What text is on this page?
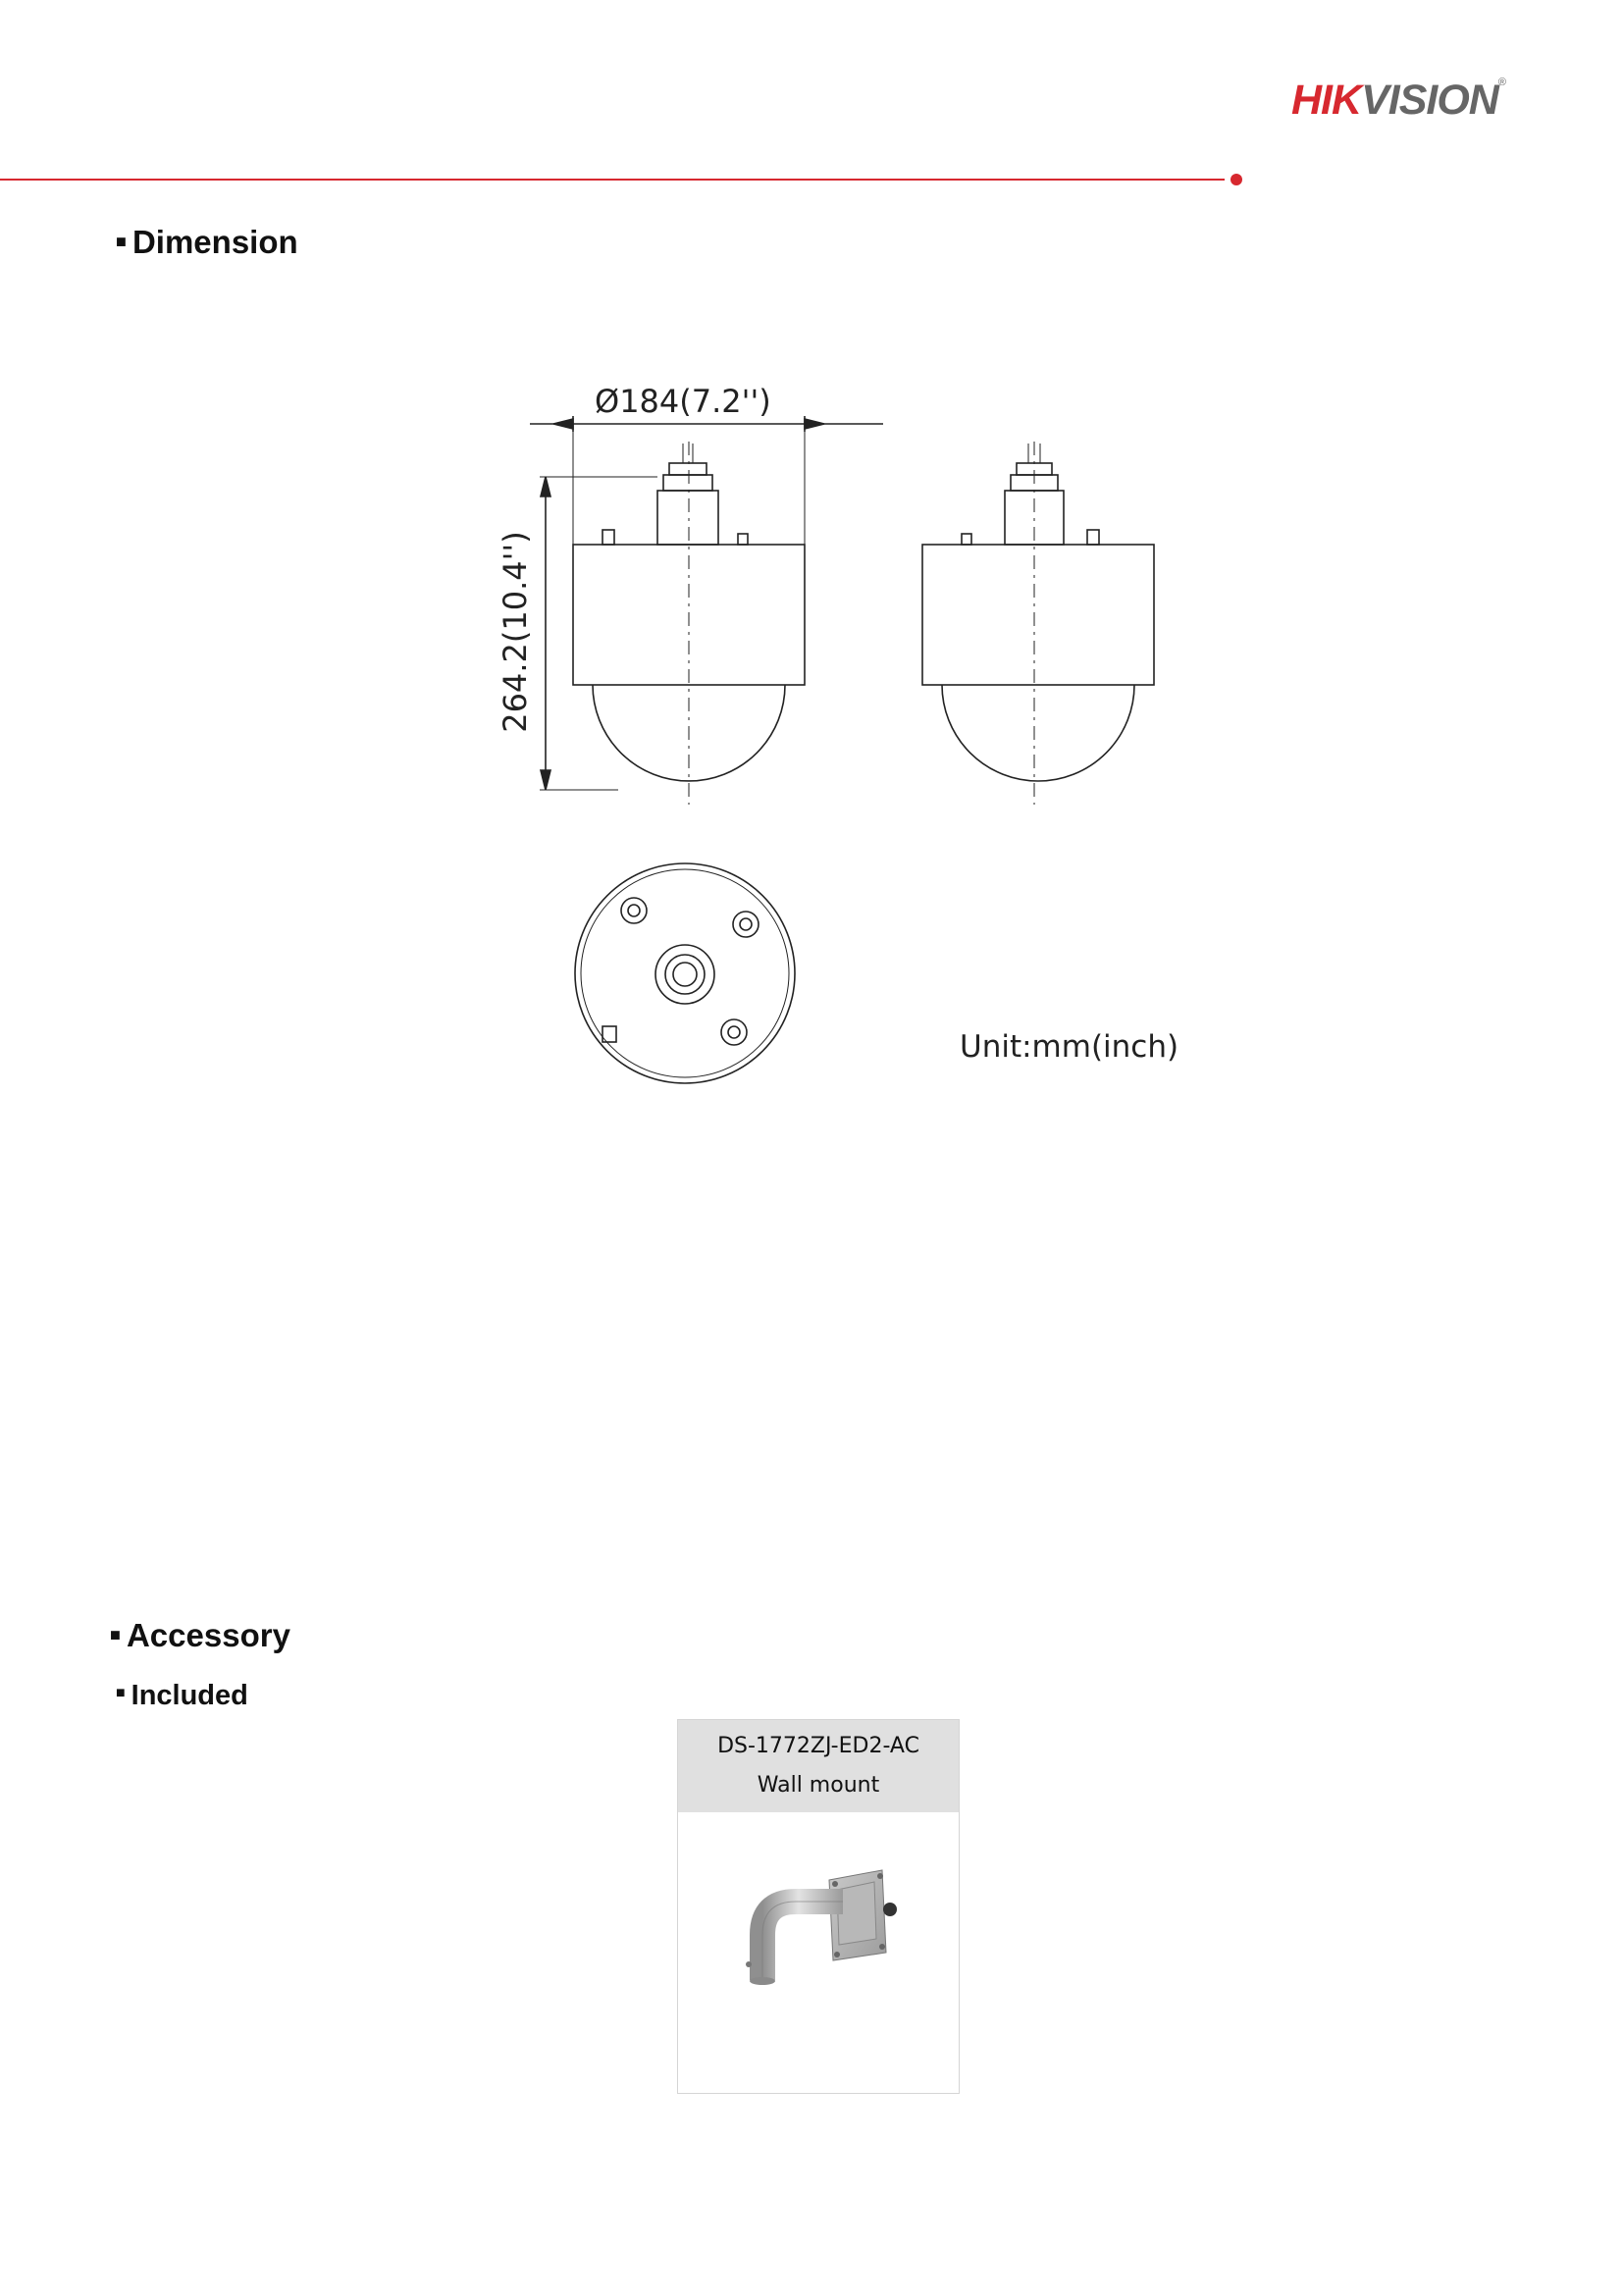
HIKVISION®
■ Dimension
Ø184(7.2'')
264.2(10.4'')
Unit:mm(inch)
■ Accessory
■ Included
DS-1772ZJ-ED2-AC
Wall mount
